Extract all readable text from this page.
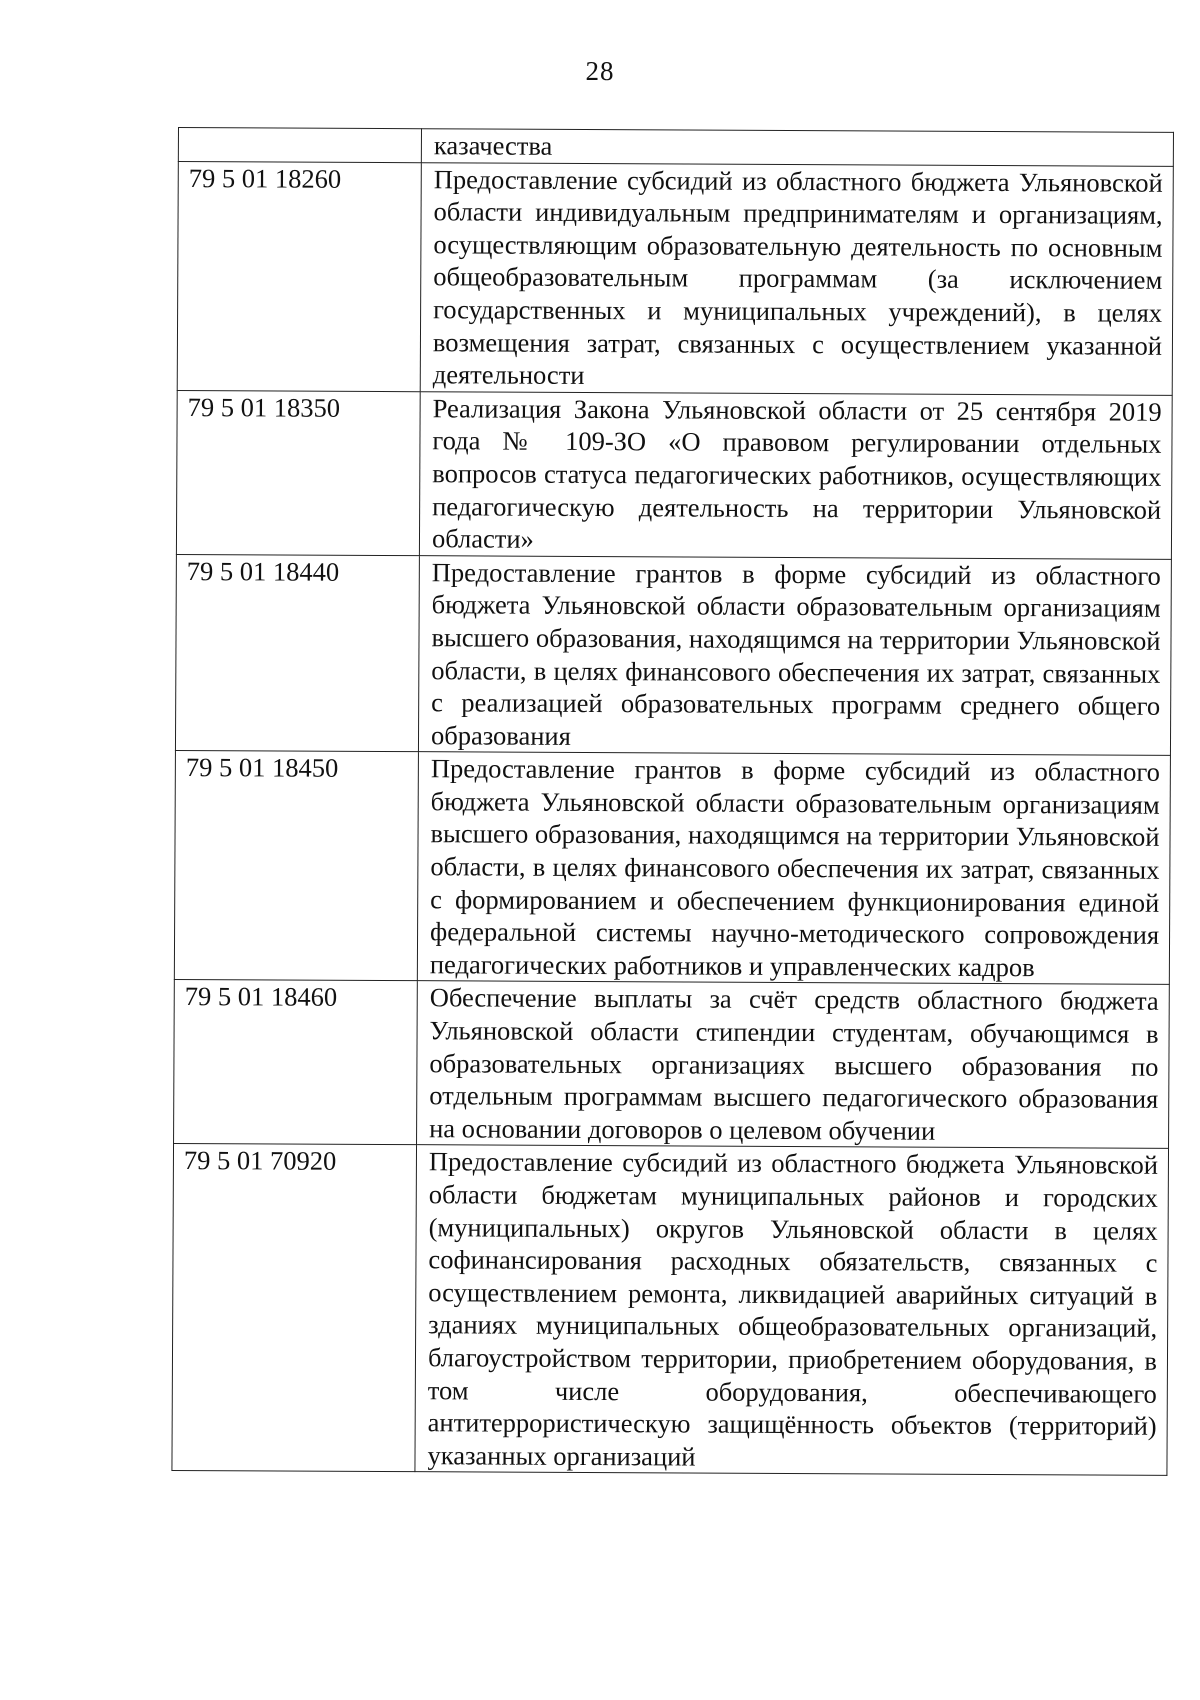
28
	казачества
79 5 01 18260	Предоставление субсидий из областного бюджета Ульяновской области индивидуальным предпринимателям и организациям, осуществляющим образовательную деятельность по основным общеобразовательным программам (за исключением государственных и муниципальных учреждений), в целях возмещения затрат, связанных с осуществлением указанной деятельности
79 5 01 18350	Реализация Закона Ульяновской области от 25 сентября 2019 года № 109-ЗО «О правовом регулировании отдельных вопросов статуса педагогических работников, осуществляющих педагогическую деятельность на территории Ульяновской области»
79 5 01 18440	Предоставление грантов в форме субсидий из областного бюджета Ульяновской области образовательным организациям высшего образования, находящимся на территории Ульяновской области, в целях финансового обеспечения их затрат, связанных с реализацией образовательных программ среднего общего образования
79 5 01 18450	Предоставление грантов в форме субсидий из областного бюджета Ульяновской области образовательным организациям высшего образования, находящимся на территории Ульяновской области, в целях финансового обеспечения их затрат, связанных с формированием и обеспечением функционирования единой федеральной системы научно-методического сопровождения педагогических работников и управленческих кадров
79 5 01 18460	Обеспечение выплаты за счёт средств областного бюджета Ульяновской области стипендии студентам, обучающимся в образовательных организациях высшего образования по отдельным программам высшего педагогического образования на основании договоров о целевом обучении
79 5 01 70920	Предоставление субсидий из областного бюджета Ульяновской области бюджетам муниципальных районов и городских (муниципальных) округов Ульяновской области в целях софинансирования расходных обязательств, связанных с осуществлением ремонта, ликвидацией аварийных ситуаций в зданиях муниципальных общеобразовательных организаций, благоустройством территории, приобретением оборудования, в том числе оборудования, обеспечивающего антитеррористическую защищённость объектов (территорий) указанных организаций
